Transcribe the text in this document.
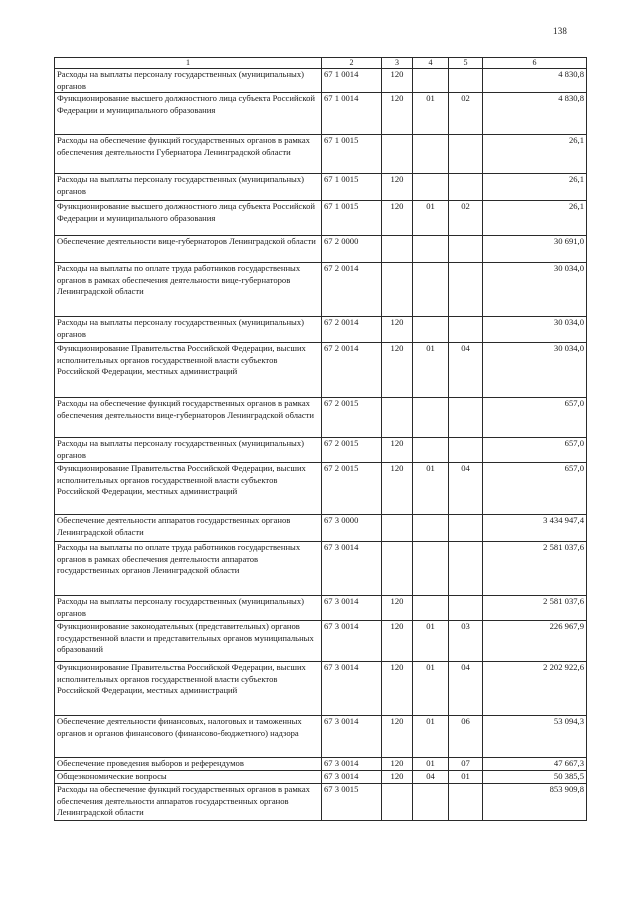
138
1	2	3	4	5	6
Расходы на выплаты персоналу государственных (муниципальных) органов	67 1 0014	120			4 830,8
Функционирование высшего должностного лица субъекта Российской Федерации и муниципального образования	67 1 0014	120	01	02	4 830,8
Расходы на обеспечение функций государственных органов в рамках обеспечения деятельности Губернатора Ленинградской области	67 1 0015				26,1
Расходы на выплаты персоналу государственных (муниципальных) органов	67 1 0015	120			26,1
Функционирование высшего должностного лица субъекта Российской Федерации и муниципального образования	67 1 0015	120	01	02	26,1
Обеспечение деятельности вице-губернаторов Ленинградской области	67 2 0000				30 691,0
Расходы на выплаты по оплате труда работников государственных органов в рамках обеспечения деятельности вице-губернаторов Ленинградской области	67 2 0014				30 034,0
Расходы на выплаты персоналу государственных (муниципальных) органов	67 2 0014	120			30 034,0
Функционирование Правительства Российской Федерации, высших исполнительных органов государственной власти субъектов Российской Федерации, местных администраций	67 2 0014	120	01	04	30 034,0
Расходы на обеспечение функций государственных органов в рамках обеспечения деятельности вице-губернаторов Ленинградской области	67 2 0015				657,0
Расходы на выплаты персоналу государственных (муниципальных) органов	67 2 0015	120			657,0
Функционирование Правительства Российской Федерации, высших исполнительных органов государственной власти субъектов Российской Федерации, местных администраций	67 2 0015	120	01	04	657,0
Обеспечение деятельности аппаратов государственных органов Ленинградской области	67 3 0000				3 434 947,4
Расходы на выплаты по оплате труда работников государственных органов в рамках обеспечения деятельности аппаратов государственных органов Ленинградской области	67 3 0014				2 581 037,6
Расходы на выплаты персоналу государственных (муниципальных) органов	67 3 0014	120			2 581 037,6
Функционирование законодательных (представительных) органов государственной власти и представительных органов муниципальных образований	67 3 0014	120	01	03	226 967,9
Функционирование Правительства Российской Федерации, высших исполнительных органов государственной власти субъектов Российской Федерации, местных администраций	67 3 0014	120	01	04	2 202 922,6
Обеспечение деятельности финансовых, налоговых и таможенных органов и органов финансового (финансово-бюджетного) надзора	67 3 0014	120	01	06	53 094,3
Обеспечение проведения выборов и референдумов	67 3 0014	120	01	07	47 667,3
Общеэкономические вопросы	67 3 0014	120	04	01	50 385,5
Расходы на обеспечение функций государственных органов в рамках обеспечения деятельности аппаратов государственных органов Ленинградской области	67 3 0015				853 909,8
